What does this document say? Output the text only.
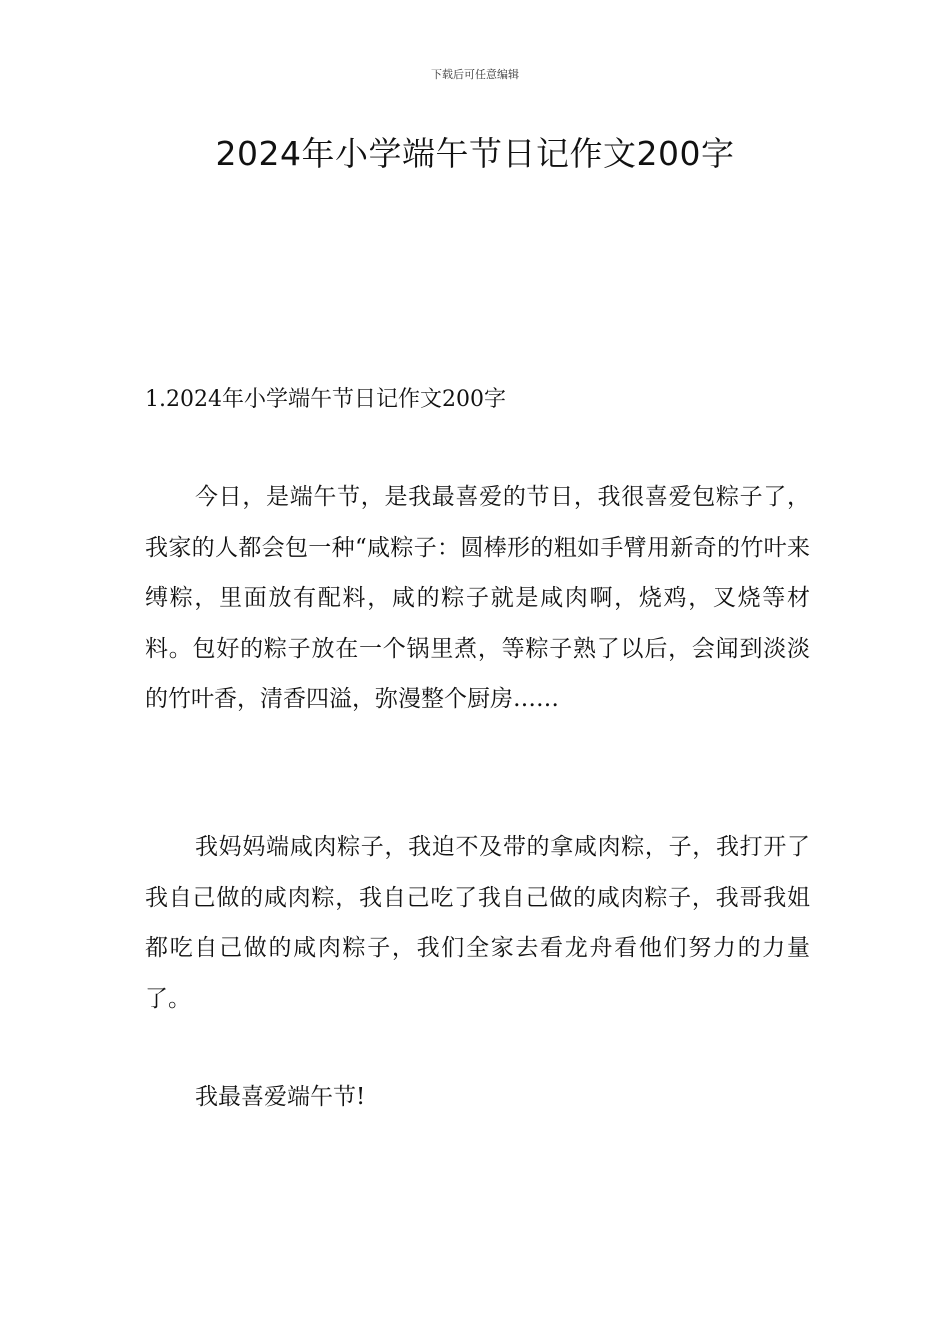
下载后可任意编辑
2024年小学端午节日记作文200字
1.2024年小学端午节日记作文200字

今日，是端午节，是我最喜爱的节日，我很喜爱包粽子了，我家的人都会包一种“咸粽子：圆棒形的粗如手臂用新奇的竹叶来缚粽，里面放有配料，咸的粽子就是咸肉啊，烧鸡，叉烧等材料。包好的粽子放在一个锅里煮，等粽子熟了以后，会闻到淡淡的竹叶香，清香四溢，弥漫整个厨房……

我妈妈端咸肉粽子，我迫不及带的拿咸肉粽，子，我打开了我自己做的咸肉粽，我自己吃了我自己做的咸肉粽子，我哥我姐都吃自己做的咸肉粽子，我们全家去看龙舟看他们努力的力量了。

我最喜爱端午节!
